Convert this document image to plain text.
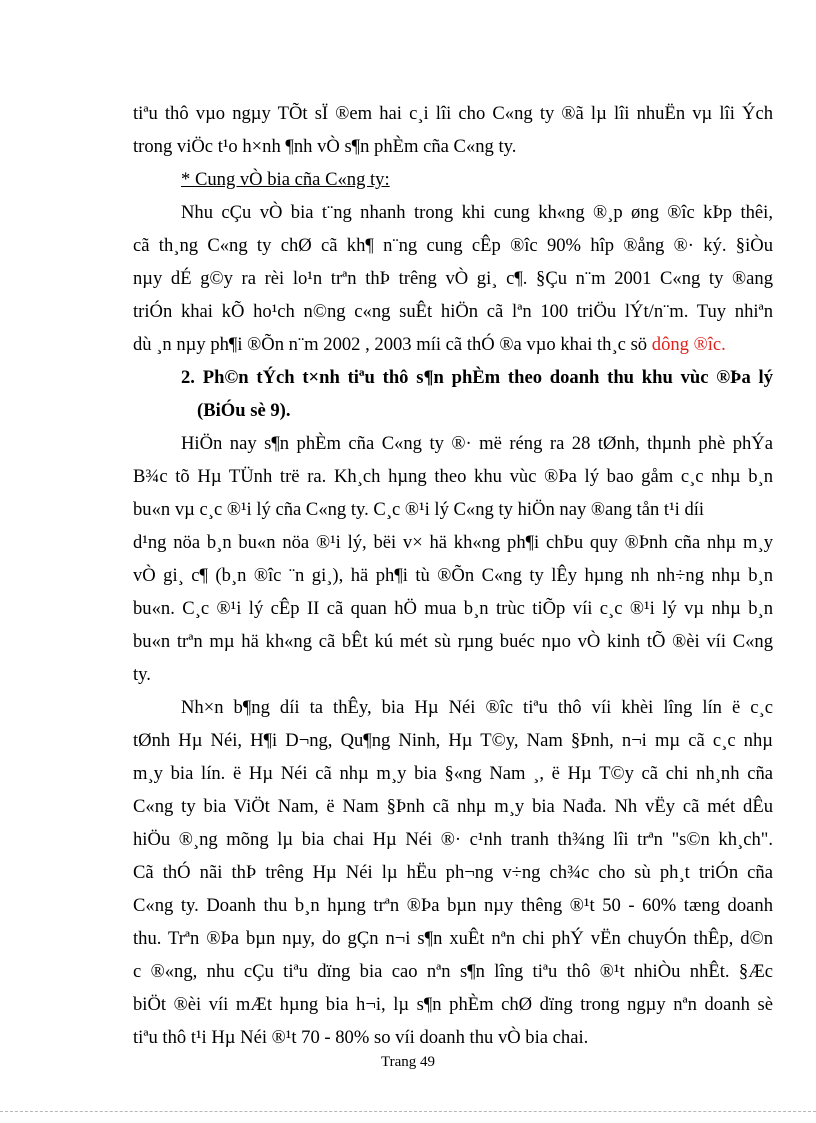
tiªu thô vµo ngµy TÕt sÏ ®em hai c¸i lîi cho C«ng ty ®ã lµ lîi nhuËn vµ lîi Ých
trong viÖc t¹o h×nh ¶nh vÒ s¶n phÈm cña C«ng ty.
* Cung vÒ bia cña C«ng ty:
Nhu cÇu vÒ bia t¨ng nhanh trong khi cung kh«ng ®¸p øng ®îc kÞp thêi,
cã th¸ng C«ng ty chØ cã kh¶ n¨ng cung cÊp ®îc 90% hîp ®ång ®· ký. §iÒu
nµy dÉ g©y ra rèi lo¹n trªn thÞ trêng vÒ gi¸ c¶. §Çu n¨m 2001 C«ng ty ®ang
triÓn khai kÕ ho¹ch n©ng c«ng suÊt hiÖn cã lªn 100 triÖu lÝt/n¨m. Tuy nhiªn
dù ¸n nµy ph¶i ®Õn n¨m 2002 , 2003 míi cã thÓ ®a vµo khai th¸c sö dông ®îc.
2. Ph©n tÝch t×nh tiªu thô s¶n phÈm theo doanh thu khu vùc ®Þa lý
(BiÓu sè 9).
HiÖn nay s¶n phÈm cña C«ng ty ®· më réng ra 28 tØnh, thµnh phè phÝa
B¾c tõ Hµ TÜnh trë ra. Kh¸ch hµng theo khu vùc ®Þa lý bao gåm c¸c nhµ b¸n
bu«n vµ c¸c ®¹i lý cña C«ng ty. C¸c ®¹i lý C«ng ty hiÖn nay ®ang tån t¹i díi
d¹ng nöa b¸n bu«n nöa ®¹i lý, bëi v× hä kh«ng ph¶i chÞu quy ®Þnh cña nhµ m¸y
vÒ gi¸ c¶ (b¸n ®îc ¨n gi¸), hä ph¶i tù ®Õn C«ng ty lÊy hµng nh nh÷ng nhµ b¸n
bu«n. C¸c ®¹i lý cÊp II cã quan hÖ mua b¸n trùc tiÕp víi c¸c ®¹i lý vµ nhµ b¸n
bu«n trªn mµ hä kh«ng cã bÊt kú mét sù rµng buéc nµo vÒ kinh tÕ ®èi víi C«ng
ty.
Nh×n b¶ng díi ta thÊy, bia Hµ Néi ®îc tiªu thô víi khèi lîng lín ë c¸c
tØnh Hµ Néi, H¶i D¬ng, Qu¶ng Ninh, Hµ T©y, Nam §Þnh, n¬i mµ cã c¸c nhµ
m¸y bia lín. ë Hµ Néi cã nhµ m¸y bia §«ng Nam ¸, ë Hµ T©y cã chi nh¸nh cña
C«ng ty bia ViÖt Nam, ë Nam §Þnh cã nhµ m¸y bia Nađa. Nh vËy cã mét dÊu
hiÖu ®¸ng mõng lµ bia chai Hµ Néi ®· c¹nh tranh th¾ng lîi trªn "s©n kh¸ch".
Cã thÓ nãi thÞ trêng Hµ Néi lµ hËu ph¬ng v÷ng ch¾c cho sù ph¸t triÓn cña
C«ng ty. Doanh thu b¸n hµng trªn ®Þa bµn nµy thêng ®¹t 50 - 60% tæng doanh
thu. Trªn ®Þa bµn nµy, do gÇn n¬i s¶n xuÊt nªn chi phÝ vËn chuyÓn thÊp, d©n
c ®«ng, nhu cÇu tiªu dïng bia cao nªn s¶n lîng tiªu thô ®¹t nhiÒu nhÊt. §Æc
biÖt ®èi víi mÆt hµng bia h¬i, lµ s¶n phÈm chØ dïng trong ngµy nªn doanh sè
tiªu thô t¹i Hµ Néi ®¹t 70 - 80% so víi doanh thu vÒ bia chai.
Trang 49
